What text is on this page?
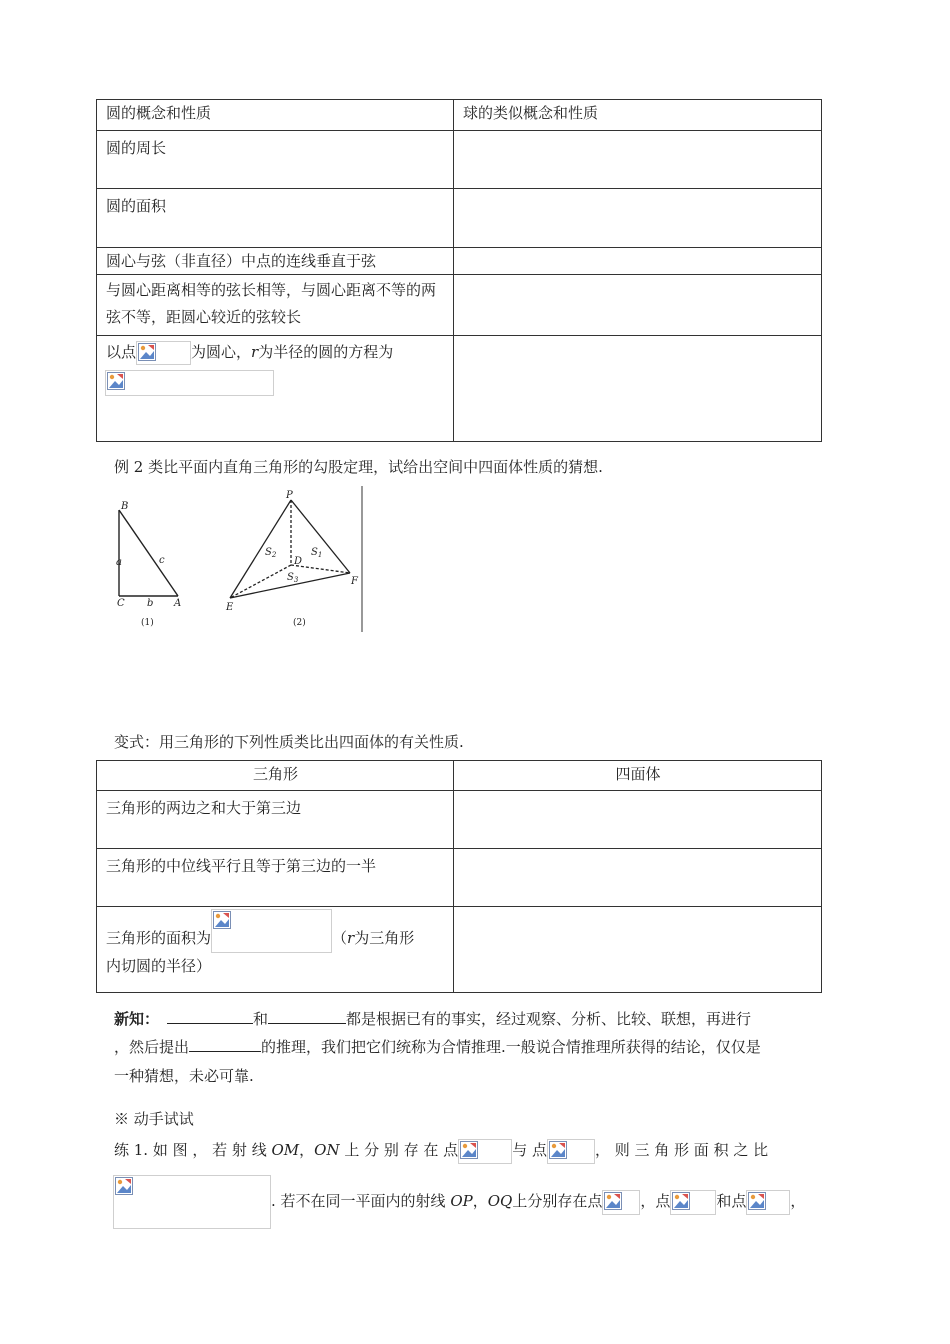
圆的概念和性质	球的类似概念和性质
圆的周长	
圆的面积	
圆心与弦（非直径）中点的连线垂直于弦	
与圆心距离相等的弦长相等，与圆心距离不等的两弦不等，距圆心较近的弦较长	
以点 为圆心，r为半径的圆的方程为

例 2 类比平面内直角三角形的勾股定理，试给出空间中四面体性质的猜想.
B
C	A
a
b
c
(1)
P
D
E
F
$S_1$
$S_2$
$S_3$
(2)
变式：用三角形的下列性质类比出四面体的有关性质.
三角形	四面体
三角形的两边之和大于第三边	
三角形的中位线平行且等于第三边的一半	
三角形的面积为 （r为三角形
内切圆的半径）	
新知：	和	都是根据已有的事实，经过观察、分析、比较、联想，再进行
，然后提出	的推理，我们把它们统称为合情推理.一般说合情推理所获得的结论，仅仅是
一种猜想，未必可靠.
※ 动手试试
练 1. 如 图 ， 若 射 线 OM，ON 上 分 别 存 在 点	与 点	， 则 三 角 形 面 积 之 比
. 若不在同一平面内的射线 OP，OQ上分别存在点	，点	和点	，
